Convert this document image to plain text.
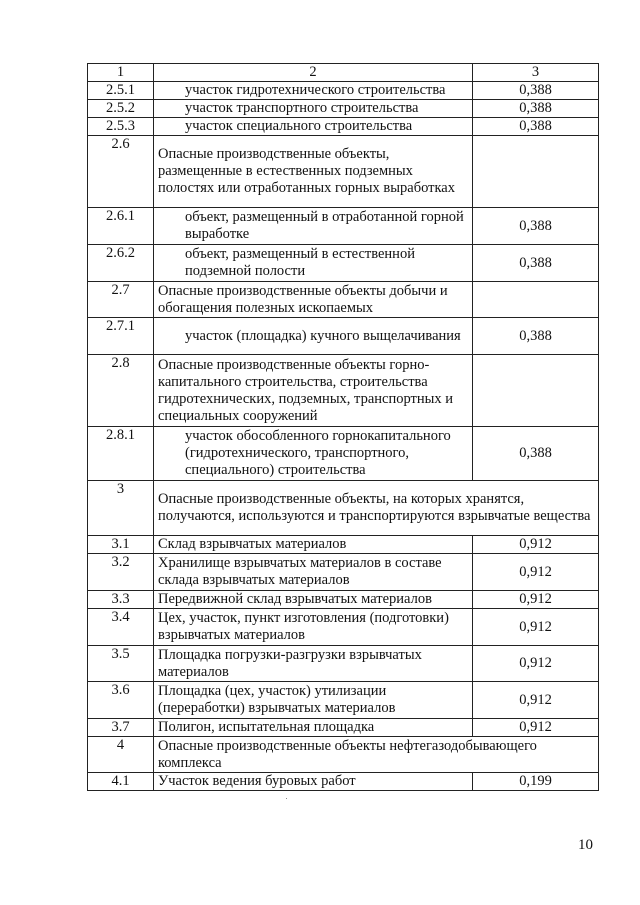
1	2	3
2.5.1	участок гидротехнического строительства	0,388
2.5.2	участок транспортного строительства	0,388
2.5.3	участок специального строительства	0,388
2.6	Опасные производственные объекты, размещенные в естественных подземных полостях или отработанных горных выработках	
2.6.1	объект, размещенный в отработанной горной выработке	0,388
2.6.2	объект, размещенный в естественной подземной полости	0,388
2.7	Опасные производственные объекты добычи и обогащения полезных ископаемых	
2.7.1	участок (площадка) кучного выщелачивания	0,388
2.8	Опасные производственные объекты горно-капитального строительства, строительства гидротехнических, подземных, транспортных и специальных сооружений	
2.8.1	участок обособленного горнокапитального (гидротехнического, транспортного, специального) строительства	0,388
3	Опасные производственные объекты, на которых хранятся, получаются, используются и транспортируются взрывчатые вещества	
3.1	Склад взрывчатых материалов	0,912
3.2	Хранилище взрывчатых материалов в составе склада взрывчатых материалов	0,912
3.3	Передвижной склад взрывчатых материалов	0,912
3.4	Цех, участок, пункт изготовления (подготовки) взрывчатых материалов	0,912
3.5	Площадка погрузки-разгрузки взрывчатых материалов	0,912
3.6	Площадка (цех, участок) утилизации (переработки) взрывчатых материалов	0,912
3.7	Полигон, испытательная площадка	0,912
4	Опасные производственные объекты нефтегазодобывающего комплекса	
4.1	Участок ведения буровых работ	0,199
10
